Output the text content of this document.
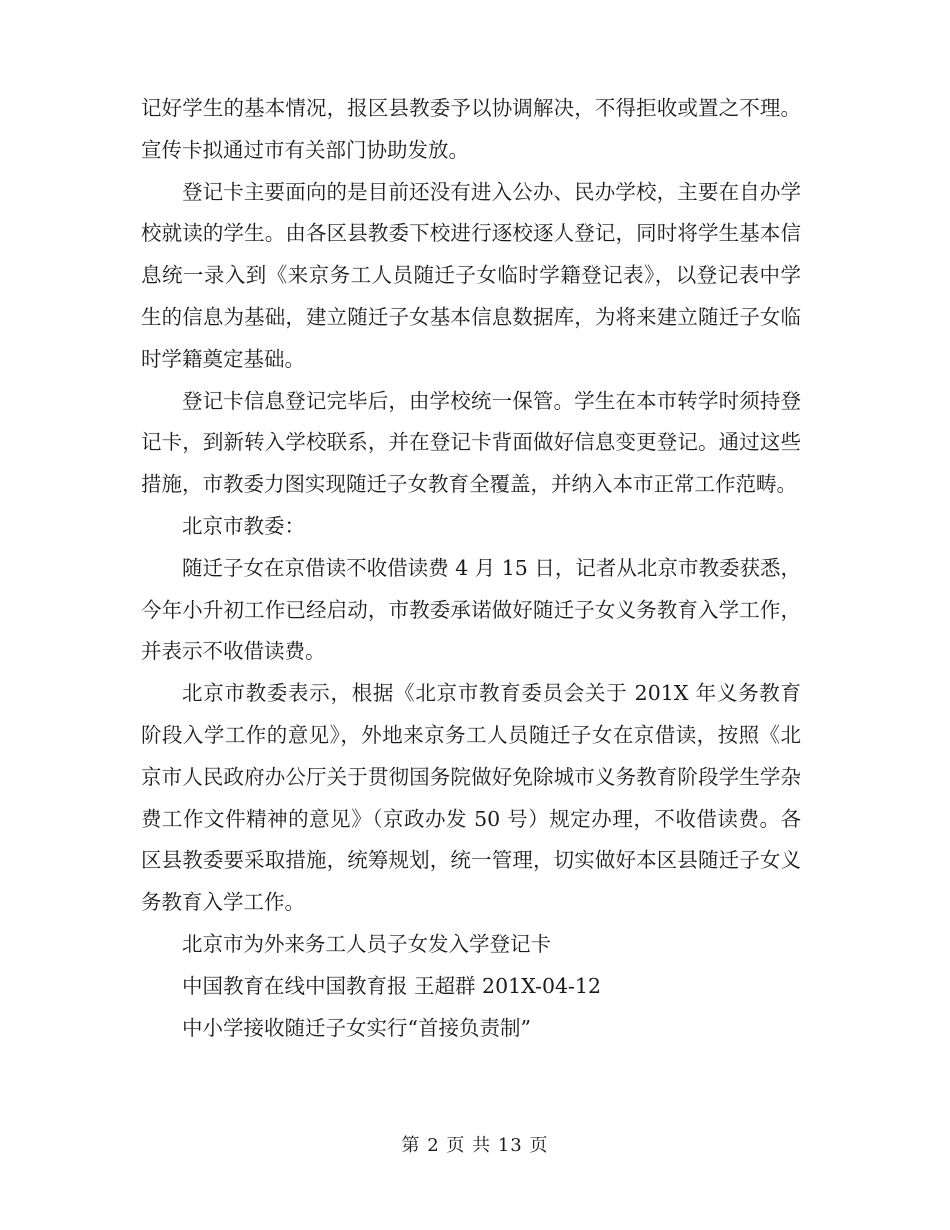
记好学生的基本情况，报区县教委予以协调解决，不得拒收或置之不理。宣传卡拟通过市有关部门协助发放。

登记卡主要面向的是目前还没有进入公办、民办学校，主要在自办学校就读的学生。由各区县教委下校进行逐校逐人登记，同时将学生基本信息统一录入到《来京务工人员随迁子女临时学籍登记表》，以登记表中学生的信息为基础，建立随迁子女基本信息数据库，为将来建立随迁子女临时学籍奠定基础。

登记卡信息登记完毕后，由学校统一保管。学生在本市转学时须持登记卡，到新转入学校联系，并在登记卡背面做好信息变更登记。通过这些措施，市教委力图实现随迁子女教育全覆盖，并纳入本市正常工作范畴。

北京市教委：

随迁子女在京借读不收借读费 4 月 15 日，记者从北京市教委获悉，今年小升初工作已经启动，市教委承诺做好随迁子女义务教育入学工作，并表示不收借读费。

北京市教委表示，根据《北京市教育委员会关于 201X 年义务教育阶段入学工作的意见》，外地来京务工人员随迁子女在京借读，按照《北京市人民政府办公厅关于贯彻国务院做好免除城市义务教育阶段学生学杂费工作文件精神的意见》（京政办发 50 号）规定办理，不收借读费。各区县教委要采取措施，统筹规划，统一管理，切实做好本区县随迁子女义务教育入学工作。

北京市为外来务工人员子女发入学登记卡

中国教育在线中国教育报 王超群 201X-04-12

中小学接收随迁子女实行“首接负责制”

第 2 页 共 13 页
